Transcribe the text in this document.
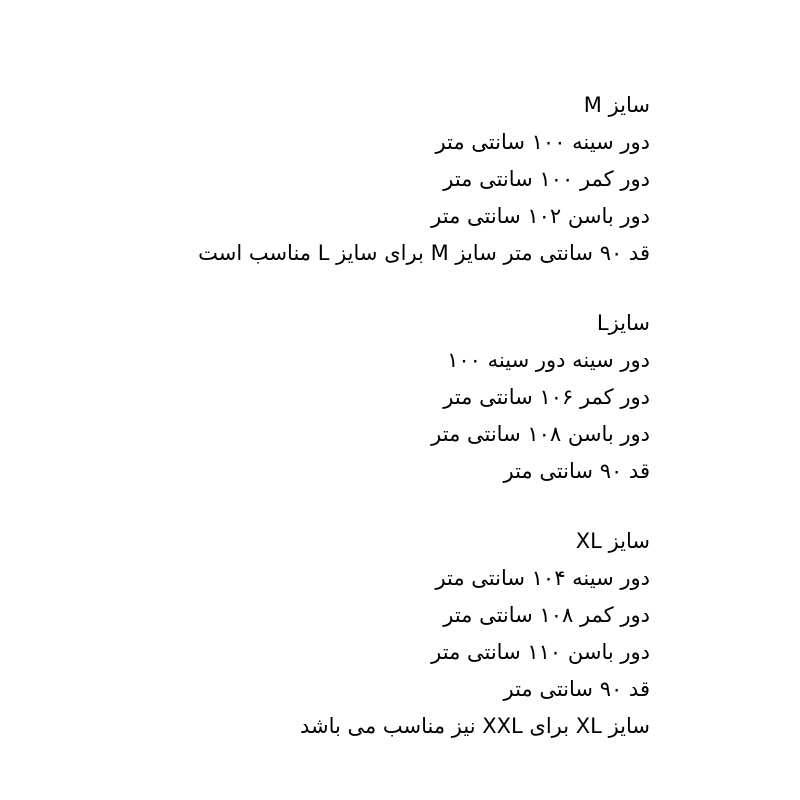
سایز M
دور سینه ۱۰۰ سانتی متر
دور کمر ۱۰۰ سانتی متر
دور باسن ۱۰۲ سانتی متر
قد ۹۰ سانتی متر سایز M برای سایز L مناسب است
سایزL
دور سینه دور سینه ۱۰۰
دور کمر ۱۰۶ سانتی متر
دور باسن ۱۰۸ سانتی متر
قد ۹۰ سانتی متر
سایز XL
دور سینه ۱۰۴ سانتی متر
دور کمر ۱۰۸ سانتی متر
دور باسن ۱۱۰ سانتی متر
قد ۹۰ سانتی متر
سایز XL برای XXL نیز مناسب می باشد
